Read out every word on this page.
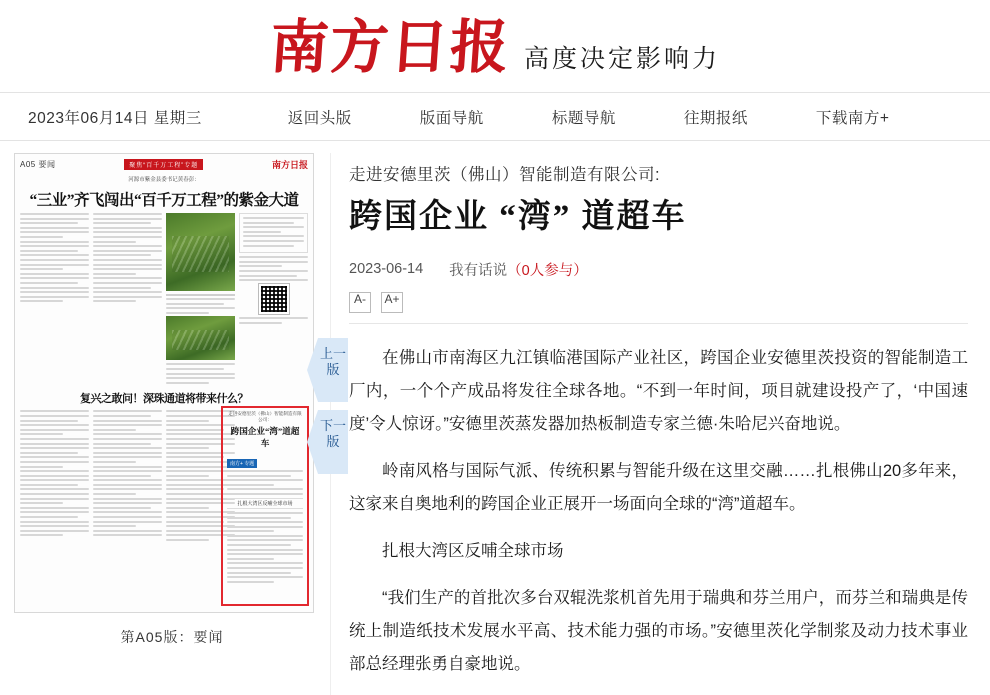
南方日报 高度决定影响力
2023年06月14日 星期三	返回头版	版面导航	标题导航	往期报纸	下载南方+
A05 要闻	聚焦“百千万工程”专题	南方日报
河源市紫金县委书记黄春彭：

“三业”齐飞闯出“百千万工程”的紫金大道
复兴之敢问！深珠通道将带来什么？
走进安德里茨（佛山）智能制造有限公司：
跨国企业“湾”道超车
南方+ 专题
扎根大湾区反哺全球市场
第A05版：要闻
上一版
下一版
走进安德里茨（佛山）智能制造有限公司:
跨国企业 “湾” 道超车
2023-06-14 我有话说（0人参与）
A-	A+

在佛山市南海区九江镇临港国际产业社区，跨国企业安德里茨投资的智能制造工厂内，一个个产成品将发往全球各地。“不到一年时间，项目就建设投产了，‘中国速度’令人惊讶。”安德里茨蒸发器加热板制造专家兰德·朱哈尼兴奋地说。

岭南风格与国际气派、传统积累与智能升级在这里交融……扎根佛山20多年来，这家来自奥地利的跨国企业正展开一场面向全球的“湾”道超车。

扎根大湾区反哺全球市场

“我们生产的首批次多台双辊洗浆机首先用于瑞典和芬兰用户，而芬兰和瑞典是传统上制造纸技术发展水平高、技术能力强的市场。”安德里茨化学制浆及动力技术事业部总经理张勇自豪地说。
